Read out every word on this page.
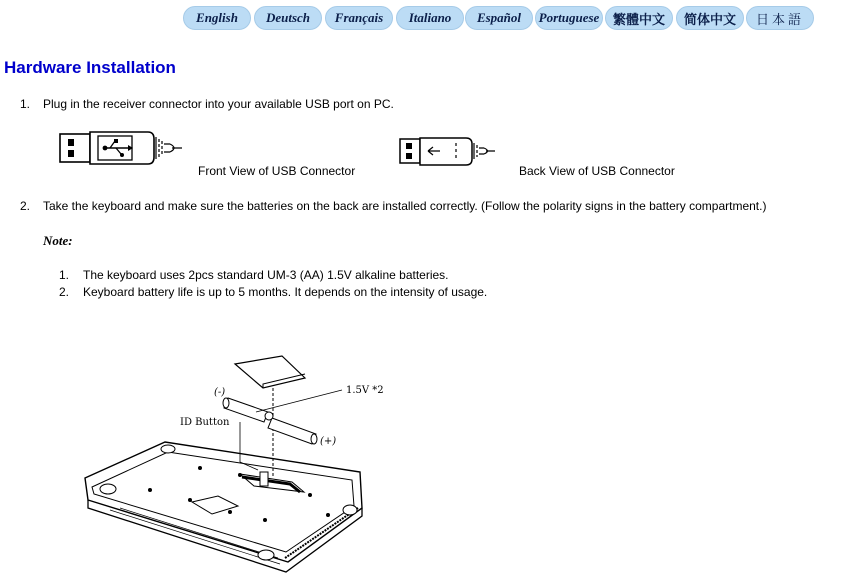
English	Deutsch	Français	Italiano	Español	Portuguese	繁體中文	简体中文	日本語
Hardware Installation
1. Plug in the receiver connector into your available USB port on PC.
Front View of USB Connector	Back View of USB Connector
2. Take the keyboard and make sure the batteries on the back are installed correctly. (Follow the polarity signs in the battery compartment.)
Note:
1. The keyboard uses 2pcs standard UM-3 (AA) 1.5V alkaline batteries.
2. Keyboard battery life is up to 5 months. It depends on the intensity of usage.
1.5V *2
ID Button
(-)
(+)
